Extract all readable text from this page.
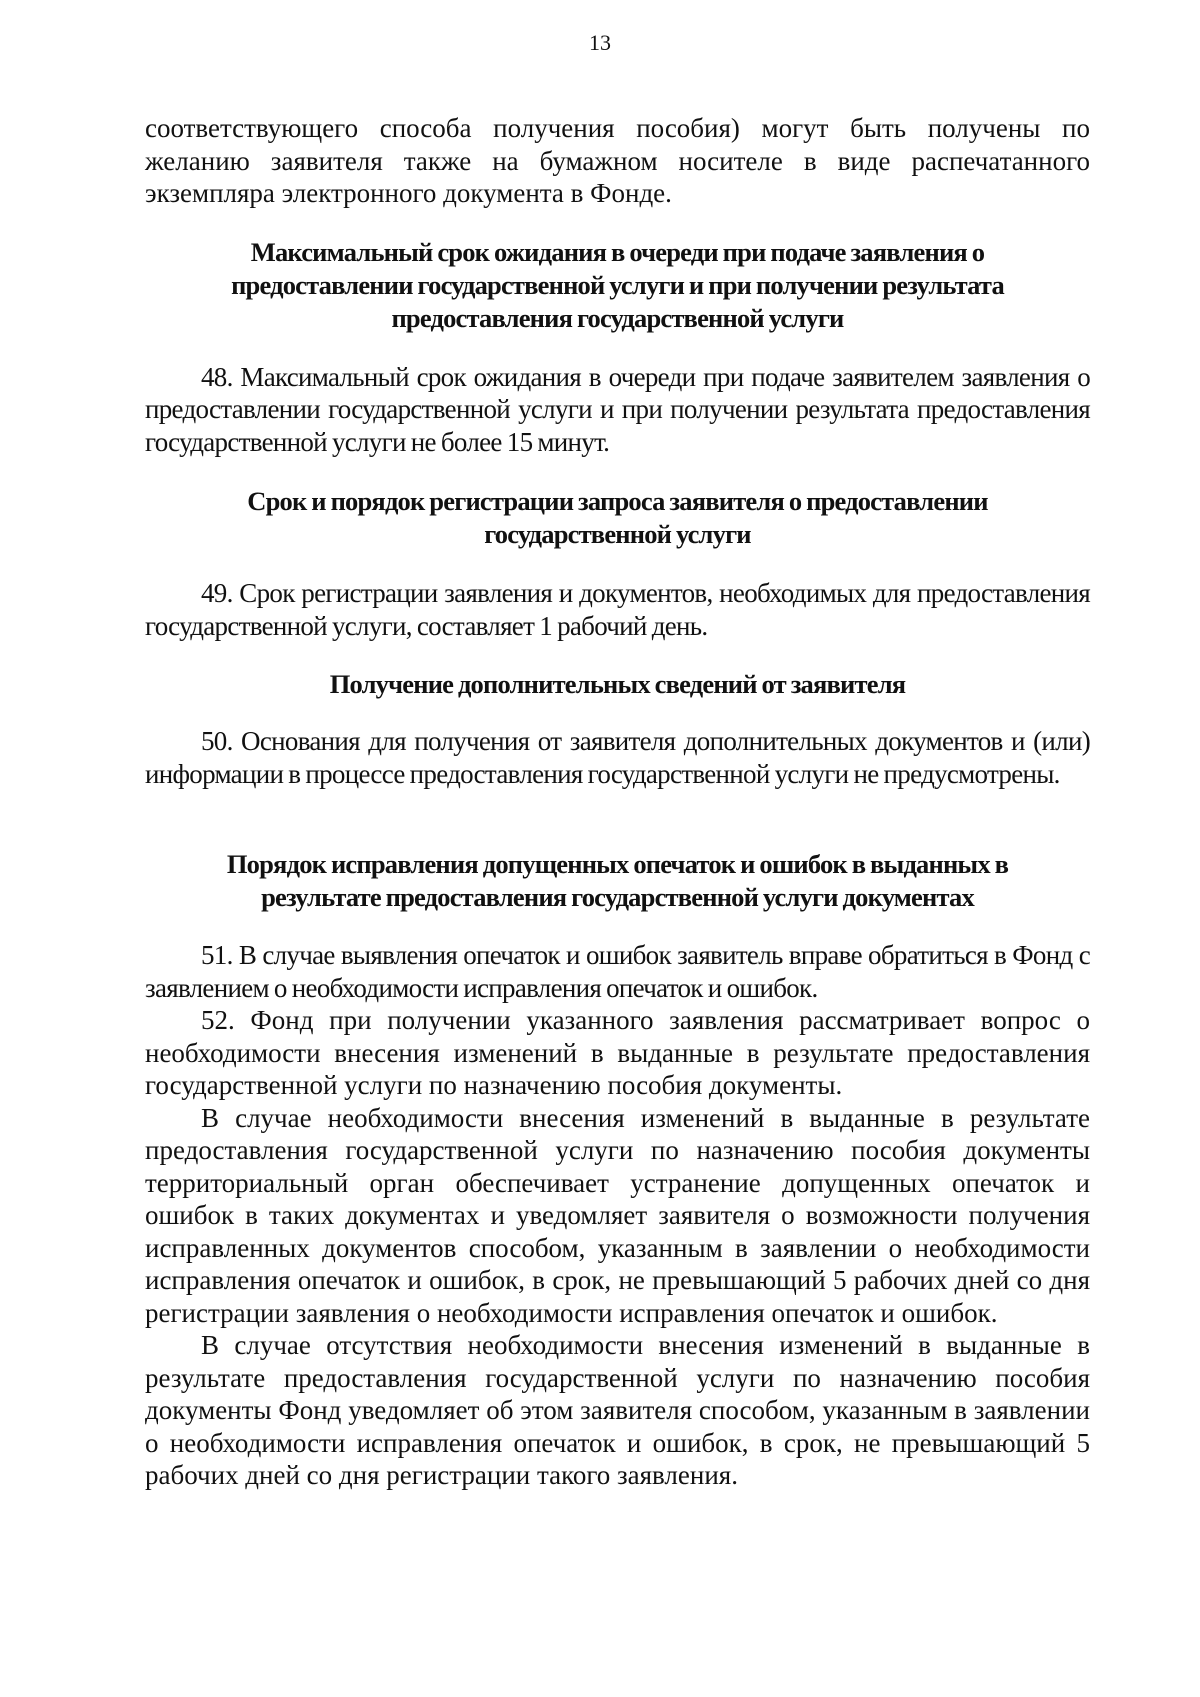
13

соответствующего способа получения пособия) могут быть получены по желанию заявителя также на бумажном носителе в виде распечатанного экземпляра электронного документа в Фонде.

Максимальный срок ожидания в очереди при подаче заявления о предоставлении государственной услуги и при получении результата предоставления государственной услуги

48. Максимальный срок ожидания в очереди при подаче заявителем заявления о предоставлении государственной услуги и при получении результата предоставления государственной услуги не более 15 минут.

Срок и порядок регистрации запроса заявителя о предоставлении государственной услуги

49. Срок регистрации заявления и документов, необходимых для предоставления государственной услуги, составляет 1 рабочий день.

Получение дополнительных сведений от заявителя

50. Основания для получения от заявителя дополнительных документов и (или) информации в процессе предоставления государственной услуги не предусмотрены.

Порядок исправления допущенных опечаток и ошибок в выданных в результате предоставления государственной услуги документах

51. В случае выявления опечаток и ошибок заявитель вправе обратиться в Фонд с заявлением о необходимости исправления опечаток и ошибок.

52. Фонд при получении указанного заявления рассматривает вопрос о необходимости внесения изменений в выданные в результате предоставления государственной услуги по назначению пособия документы.

В случае необходимости внесения изменений в выданные в результате предоставления государственной услуги по назначению пособия документы территориальный орган обеспечивает устранение допущенных опечаток и ошибок в таких документах и уведомляет заявителя о возможности получения исправленных документов способом, указанным в заявлении о необходимости исправления опечаток и ошибок, в срок, не превышающий 5 рабочих дней со дня регистрации заявления о необходимости исправления опечаток и ошибок.

В случае отсутствия необходимости внесения изменений в выданные в результате предоставления государственной услуги по назначению пособия документы Фонд уведомляет об этом заявителя способом, указанным в заявлении о необходимости исправления опечаток и ошибок, в срок, не превышающий 5 рабочих дней со дня регистрации такого заявления.
